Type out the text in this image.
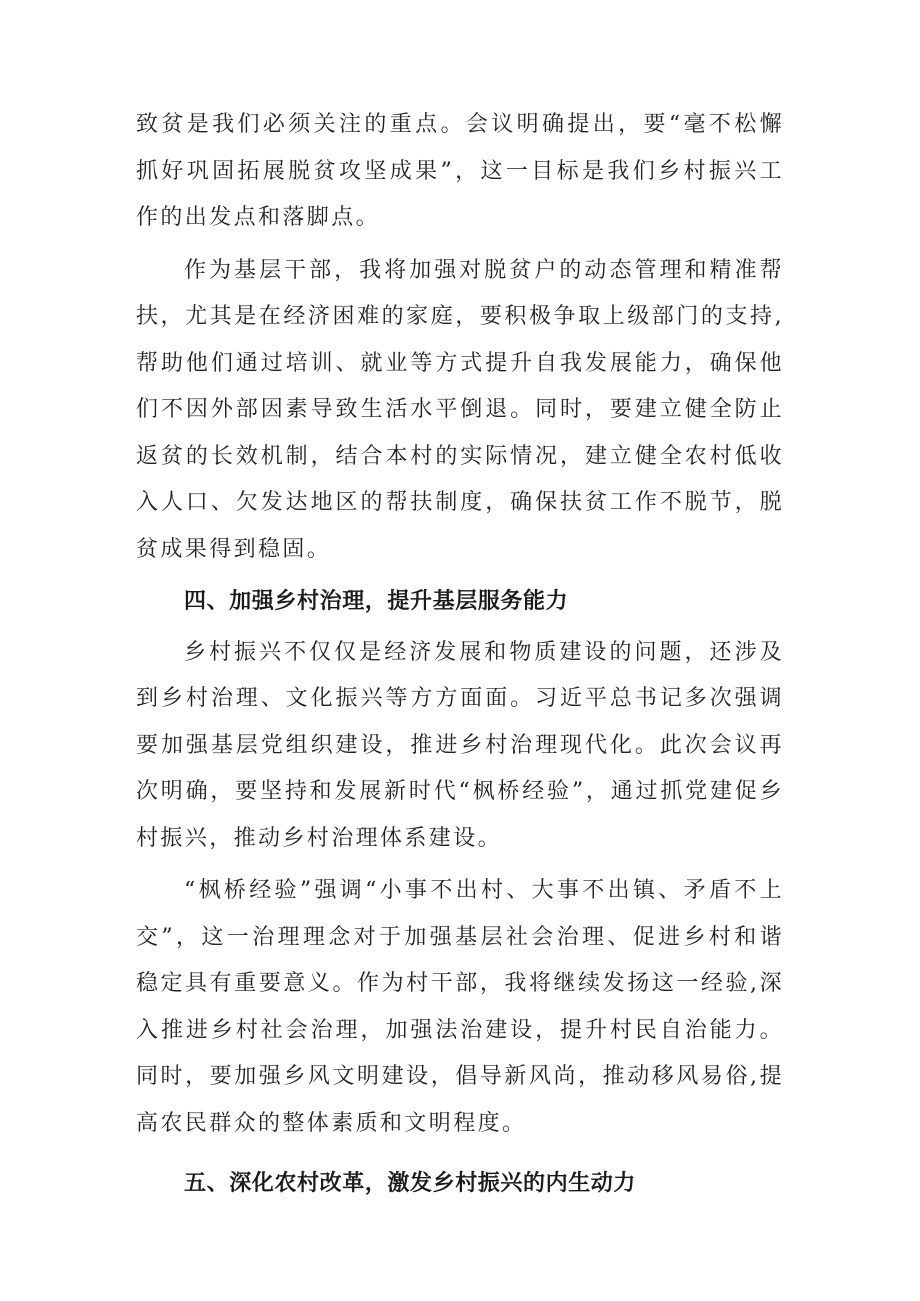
致贫是我们必须关注的重点。会议明确提出，要“毫不松懈抓好巩固拓展脱贫攻坚成果”，这一目标是我们乡村振兴工作的出发点和落脚点。

作为基层干部，我将加强对脱贫户的动态管理和精准帮扶，尤其是在经济困难的家庭，要积极争取上级部门的支持,帮助他们通过培训、就业等方式提升自我发展能力，确保他们不因外部因素导致生活水平倒退。同时，要建立健全防止返贫的长效机制，结合本村的实际情况，建立健全农村低收入人口、欠发达地区的帮扶制度，确保扶贫工作不脱节，脱贫成果得到稳固。

四、加强乡村治理，提升基层服务能力

乡村振兴不仅仅是经济发展和物质建设的问题，还涉及到乡村治理、文化振兴等方方面面。习近平总书记多次强调要加强基层党组织建设，推进乡村治理现代化。此次会议再次明确，要坚持和发展新时代“枫桥经验”，通过抓党建促乡村振兴，推动乡村治理体系建设。

“枫桥经验”强调“小事不出村、大事不出镇、矛盾不上交”，这一治理理念对于加强基层社会治理、促进乡村和谐稳定具有重要意义。作为村干部，我将继续发扬这一经验,深入推进乡村社会治理，加强法治建设，提升村民自治能力。同时，要加强乡风文明建设，倡导新风尚，推动移风易俗,提高农民群众的整体素质和文明程度。

五、深化农村改革，激发乡村振兴的内生动力
